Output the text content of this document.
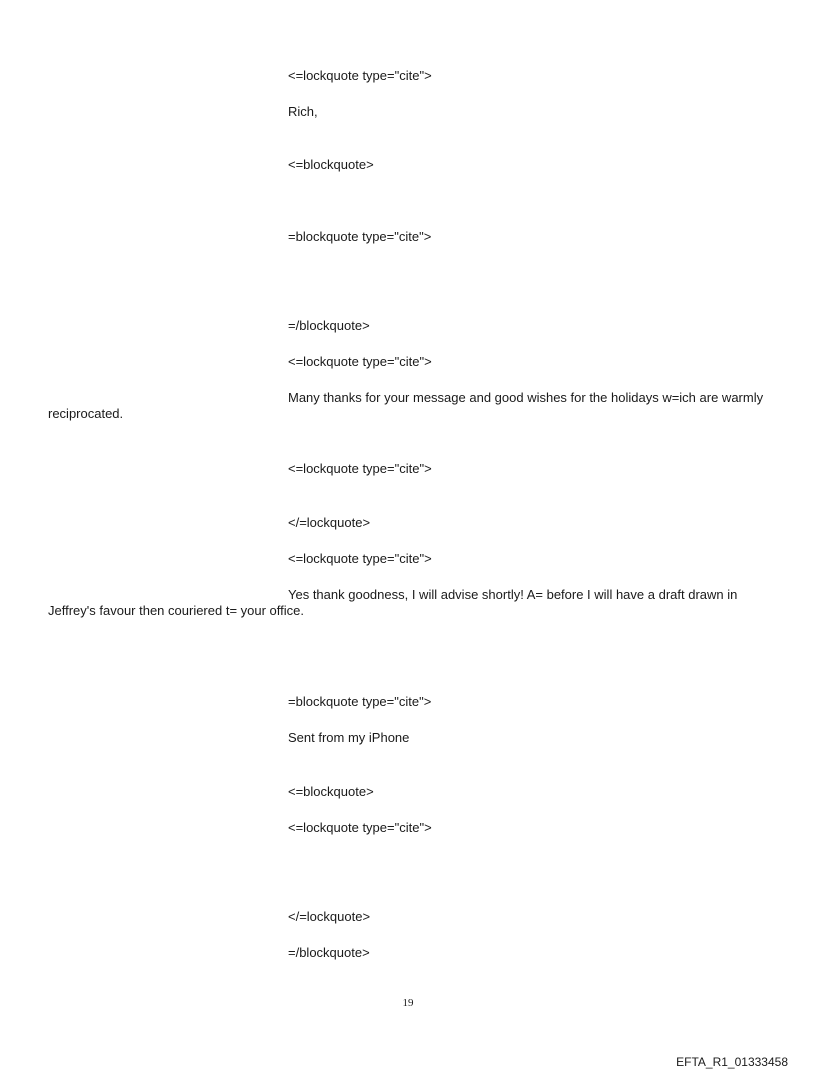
<=lockquote type="cite">

Rich,

<=blockquote>

=blockquote type="cite">

=/blockquote>

<=lockquote type="cite">

Many thanks for your message and good wishes for the holidays w=ich are warmly reciprocated.

<=lockquote type="cite">

</=lockquote>

<=lockquote type="cite">

Yes thank goodness, I will advise shortly! A= before I will have a draft drawn in Jeffrey's favour then couriered t= your office.

=blockquote type="cite">

Sent from my iPhone

<=blockquote>

<=lockquote type="cite">

</=lockquote>

=/blockquote>

19

EFTA_R1_01333458
